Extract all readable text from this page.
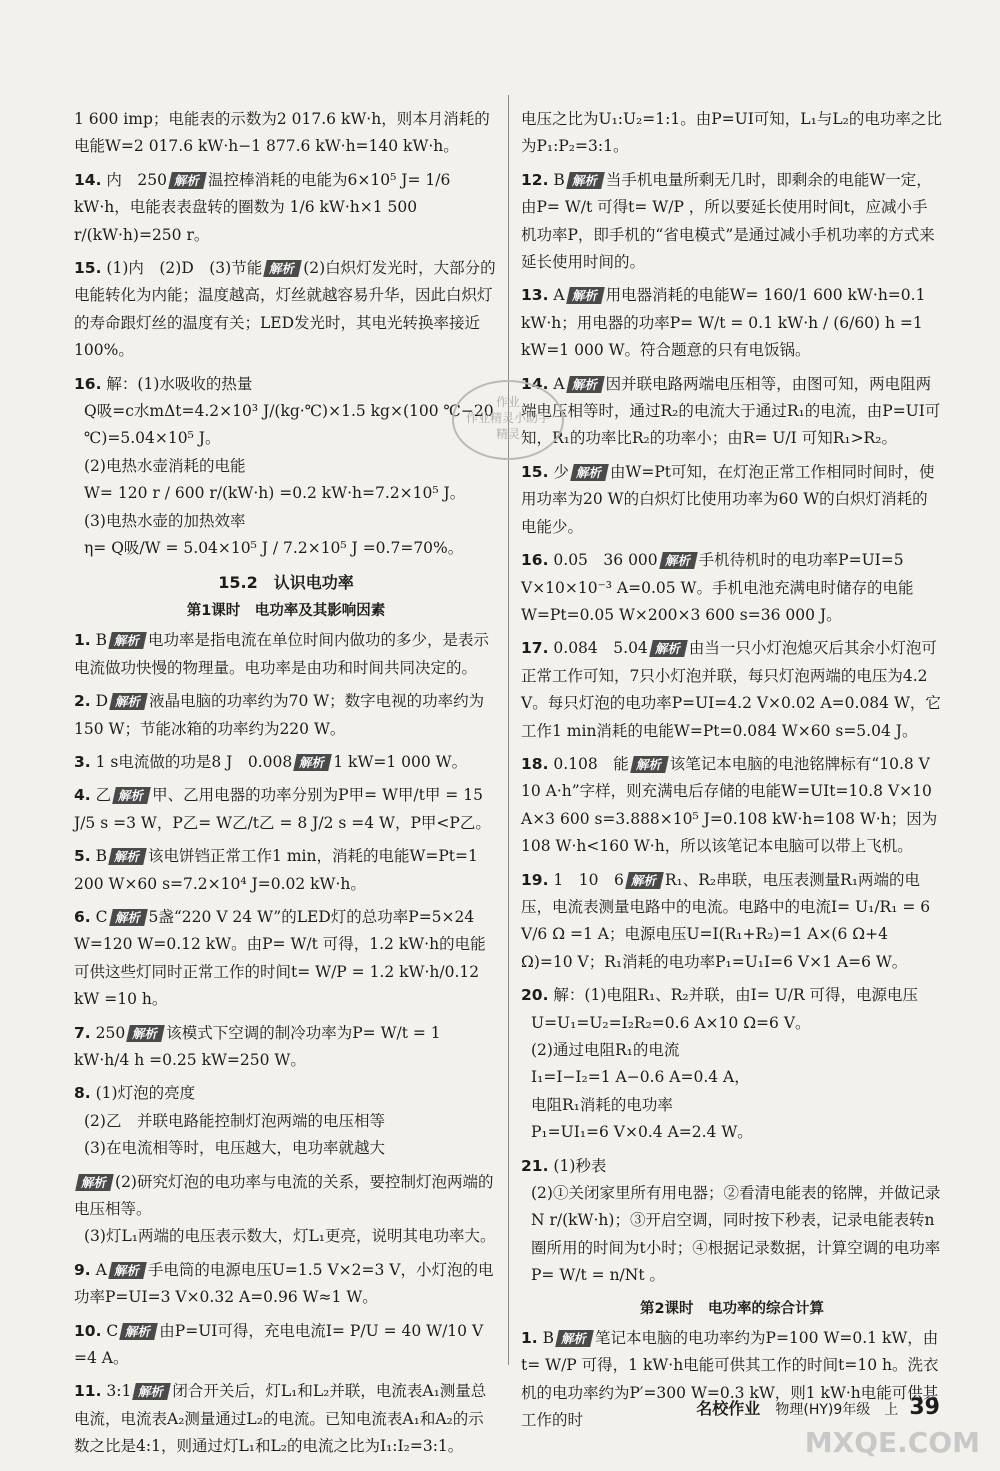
1 600 imp；电能表的示数为2 017.6 kW·h，则本月消耗的电能W=2 017.6 kW·h−1 877.6 kW·h=140 kW·h。
14. 内　250 解析 温控棒消耗的电能为6×10⁵ J= 1/6 kW·h，电能表表盘转的圈数为 1/6 kW·h×1 500 r/(kW·h)=250 r。
15. (1)内　(2)D　(3)节能 解析 (2)白炽灯发光时，大部分的电能转化为内能；温度越高，灯丝就越容易升华，因此白炽灯的寿命跟灯丝的温度有关；LED发光时，其电光转换率接近100%。
16. 解：(1)水吸收的热量
Q吸=c水mΔt=4.2×10³ J/(kg·℃)×1.5 kg×(100 ℃−20 ℃)=5.04×10⁵ J。
(2)电热水壶消耗的电能
W= 120 r / 600 r/(kW·h) =0.2 kW·h=7.2×10⁵ J。
(3)电热水壶的加热效率
η= Q吸/W = 5.04×10⁵ J / 7.2×10⁵ J =0.7=70%。
15.2　认识电功率
第1课时　电功率及其影响因素
1. B 解析 电功率是指电流在单位时间内做功的多少，是表示电流做功快慢的物理量。电功率是由功和时间共同决定的。
2. D 解析 液晶电脑的功率约为70 W；数字电视的功率约为150 W；节能冰箱的功率约为220 W。
3. 1 s电流做的功是8 J　0.008 解析 1 kW=1 000 W。
4. 乙 解析 甲、乙用电器的功率分别为P甲= W甲/t甲 = 15 J/5 s =3 W，P乙= W乙/t乙 = 8 J/2 s =4 W，P甲<P乙。
5. B 解析 该电饼铛正常工作1 min，消耗的电能W=Pt=1 200 W×60 s=7.2×10⁴ J=0.02 kW·h。
6. C 解析 5盏“220 V 24 W”的LED灯的总功率P=5×24 W=120 W=0.12 kW。由P= W/t 可得，1.2 kW·h的电能可供这些灯同时正常工作的时间t= W/P = 1.2 kW·h/0.12 kW =10 h。
7. 250 解析 该模式下空调的制冷功率为P= W/t = 1 kW·h/4 h =0.25 kW=250 W。
8. (1)灯泡的亮度
(2)乙　并联电路能控制灯泡两端的电压相等
(3)在电流相等时，电压越大，电功率就越大
解析 (2)研究灯泡的电功率与电流的关系，要控制灯泡两端的电压相等。
(3)灯L₁两端的电压表示数大，灯L₁更亮，说明其电功率大。
9. A 解析 手电筒的电源电压U=1.5 V×2=3 V，小灯泡的电功率P=UI=3 V×0.32 A=0.96 W≈1 W。
10. C 解析 由P=UI可得，充电电流I= P/U = 40 W/10 V =4 A。
11. 3:1 解析 闭合开关后，灯L₁和L₂并联，电流表A₁测量总电流，电流表A₂测量通过L₂的电流。已知电流表A₁和A₂的示数之比是4:1，则通过灯L₁和L₂的电流之比为I₁:I₂=3:1。
电压之比为U₁:U₂=1:1。由P=UI可知，L₁与L₂的电功率之比为P₁:P₂=3:1。
12. B 解析 当手机电量所剩无几时，即剩余的电能W一定，由P= W/t 可得t= W/P ，所以要延长使用时间t，应减小手机功率P，即手机的“省电模式”是通过减小手机功率的方式来延长使用时间的。
13. A 解析 用电器消耗的电能W= 160/1 600 kW·h=0.1 kW·h；用电器的功率P= W/t = 0.1 kW·h / (6/60) h =1 kW=1 000 W。符合题意的只有电饭锅。
14. A 解析 因并联电路两端电压相等，由图可知，两电阻两端电压相等时，通过R₂的电流大于通过R₁的电流，由P=UI可知，R₁的功率比R₂的功率小；由R= U/I 可知R₁>R₂。
15. 少 解析 由W=Pt可知，在灯泡正常工作相同时间时，使用功率为20 W的白炽灯比使用功率为60 W的白炽灯消耗的电能少。
16. 0.05　36 000 解析 手机待机时的电功率P=UI=5 V×10×10⁻³ A=0.05 W。手机电池充满电时储存的电能W=Pt=0.05 W×200×3 600 s=36 000 J。
17. 0.084　5.04 解析 由当一只小灯泡熄灭后其余小灯泡可正常工作可知，7只小灯泡并联，每只灯泡两端的电压为4.2 V。每只灯泡的电功率P=UI=4.2 V×0.02 A=0.084 W，它工作1 min消耗的电能W=Pt=0.084 W×60 s=5.04 J。
18. 0.108　能 解析 该笔记本电脑的电池铭牌标有“10.8 V 10 A·h”字样，则充满电后存储的电能W=UIt=10.8 V×10 A×3 600 s=3.888×10⁵ J=0.108 kW·h=108 W·h；因为108 W·h<160 W·h，所以该笔记本电脑可以带上飞机。
19. 1　10　6 解析 R₁、R₂串联，电压表测量R₁两端的电压，电流表测量电路中的电流。电路中的电流I= U₁/R₁ = 6 V/6 Ω =1 A；电源电压U=I(R₁+R₂)=1 A×(6 Ω+4 Ω)=10 V；R₁消耗的电功率P₁=U₁I=6 V×1 A=6 W。
20. 解：(1)电阻R₁、R₂并联，由I= U/R 可得，电源电压
U=U₁=U₂=I₂R₂=0.6 A×10 Ω=6 V。
(2)通过电阻R₁的电流
I₁=I−I₂=1 A−0.6 A=0.4 A，
电阻R₁消耗的电功率
P₁=UI₁=6 V×0.4 A=2.4 W。
21. (1)秒表
(2)①关闭家里所有用电器；②看清电能表的铭牌，并做记录N r/(kW·h)；③开启空调，同时按下秒表，记录电能表转n圈所用的时间为t小时；④根据记录数据，计算空调的电功率P= W/t = n/Nt 。
第2课时　电功率的综合计算
1. B 解析 笔记本电脑的电功率约为P=100 W=0.1 kW，由t= W/P 可得，1 kW·h电能可供其工作的时间t=10 h。洗衣机的电功率约为P′=300 W=0.3 kW，则1 kW·h电能可供其工作的时
作业
作业精灵小助手
精灵
名校作业 物理(HY)9年级　上 39
MXQE.COM
